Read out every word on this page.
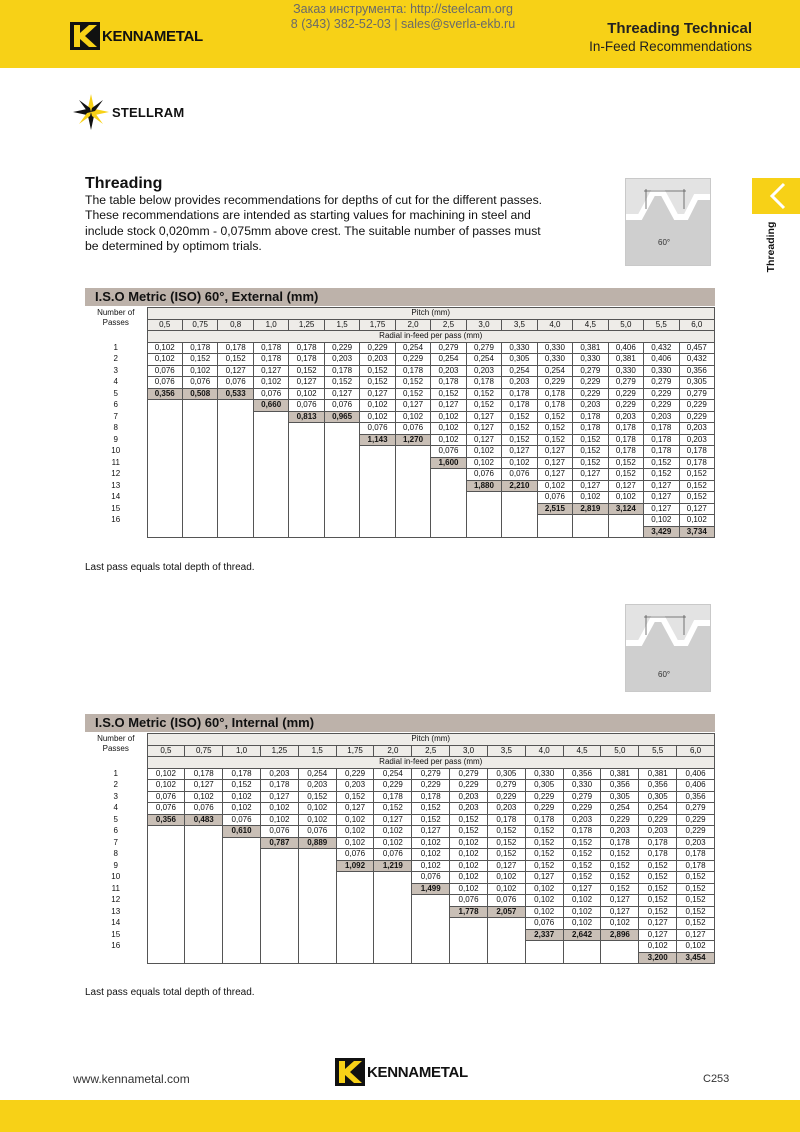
Заказ инструмента: http://steelcam.org
8 (343) 382-52-03 | sales@sverla-ekb.ru
KENNAMETAL	Threading Technical
In-Feed Recommendations
STELLRAM
Threading

The table below provides recommendations for depths of cut for the different passes.
These recommendations are intended as starting values for machining in steel and
include stock 0,020mm - 0,075mm above crest. The suitable number of passes must
be determined by optimom trials.	Threading
60°
I.S.O Metric (ISO) 60°, External (mm)
Number of
Passes	Pitch (mm)															
	0,5	0,75	0,8	1,0	1,25	1,5	1,75	2,0	2,5	3,0	3,5	4,0	4,5	5,0	5,5	6,0
	Radial in-feed per pass (mm)															
1	0,102	0,178	0,178	0,178	0,178	0,229	0,229	0,254	0,279	0,279	0,330	0,330	0,381	0,406	0,432	0,457
2	0,102	0,152	0,152	0,178	0,178	0,203	0,203	0,229	0,254	0,254	0,305	0,330	0,330	0,381	0,406	0,432
3	0,076	0,102	0,127	0,127	0,152	0,178	0,152	0,178	0,203	0,203	0,254	0,254	0,279	0,330	0,330	0,356
4	0,076	0,076	0,076	0,102	0,127	0,152	0,152	0,152	0,178	0,178	0,203	0,229	0,229	0,279	0,279	0,305
5	0,356	0,508	0,533	0,076	0,102	0,127	0,127	0,152	0,152	0,152	0,178	0,178	0,229	0,229	0,229	0,279
6				0,660	0,076	0,076	0,102	0,127	0,127	0,152	0,178	0,178	0,203	0,229	0,229	0,229
7					0,813	0,965	0,102	0,102	0,102	0,127	0,152	0,152	0,178	0,203	0,203	0,229
8							0,076	0,076	0,102	0,127	0,152	0,152	0,178	0,178	0,178	0,203
9							1,143	1,270	0,102	0,127	0,152	0,152	0,152	0,178	0,178	0,203
10									0,076	0,102	0,127	0,127	0,152	0,178	0,178	0,178
11									1,600	0,102	0,102	0,127	0,152	0,152	0,152	0,178
12										0,076	0,076	0,127	0,127	0,152	0,152	0,152
13										1,880	2,210	0,102	0,127	0,127	0,127	0,152
14												0,076	0,102	0,102	0,127	0,152
15												2,515	2,819	3,124	0,127	0,127
16															0,102	0,102
															3,429	3,734
Last pass equals total depth of thread.
60°
I.S.O Metric (ISO) 60°, Internal (mm)
Number of
Passes	Pitch (mm)														
	0,5	0,75	1,0	1,25	1,5	1,75	2,0	2,5	3,0	3,5	4,0	4,5	5,0	5,5	6,0
	Radial in-feed per pass (mm)														
1	0,102	0,178	0,178	0,203	0,254	0,229	0,254	0,279	0,279	0,305	0,330	0,356	0,381	0,381	0,406
2	0,102	0,127	0,152	0,178	0,203	0,203	0,229	0,229	0,229	0,279	0,305	0,330	0,356	0,356	0,406
3	0,076	0,102	0,102	0,127	0,152	0,152	0,178	0,178	0,203	0,229	0,229	0,279	0,305	0,305	0,356
4	0,076	0,076	0,102	0,102	0,102	0,127	0,152	0,152	0,203	0,203	0,229	0,229	0,254	0,254	0,279
5	0,356	0,483	0,076	0,102	0,102	0,102	0,127	0,152	0,152	0,178	0,178	0,203	0,229	0,229	0,229
6			0,610	0,076	0,076	0,102	0,102	0,127	0,152	0,152	0,152	0,178	0,203	0,203	0,229
7				0,787	0,889	0,102	0,102	0,102	0,102	0,152	0,152	0,152	0,178	0,178	0,203
8						0,076	0,076	0,102	0,102	0,152	0,152	0,152	0,152	0,178	0,178
9						1,092	1,219	0,102	0,102	0,127	0,152	0,152	0,152	0,152	0,178
10								0,076	0,102	0,102	0,127	0,152	0,152	0,152	0,152
11								1,499	0,102	0,102	0,102	0,127	0,152	0,152	0,152
12									0,076	0,076	0,102	0,102	0,127	0,152	0,152
13									1,778	2,057	0,102	0,102	0,127	0,152	0,152
14											0,076	0,102	0,102	0,127	0,152
15											2,337	2,642	2,896	0,127	0,127
16														0,102	0,102
														3,200	3,454
Last pass equals total depth of thread.
www.kennametal.com	KENNAMETAL	C253
